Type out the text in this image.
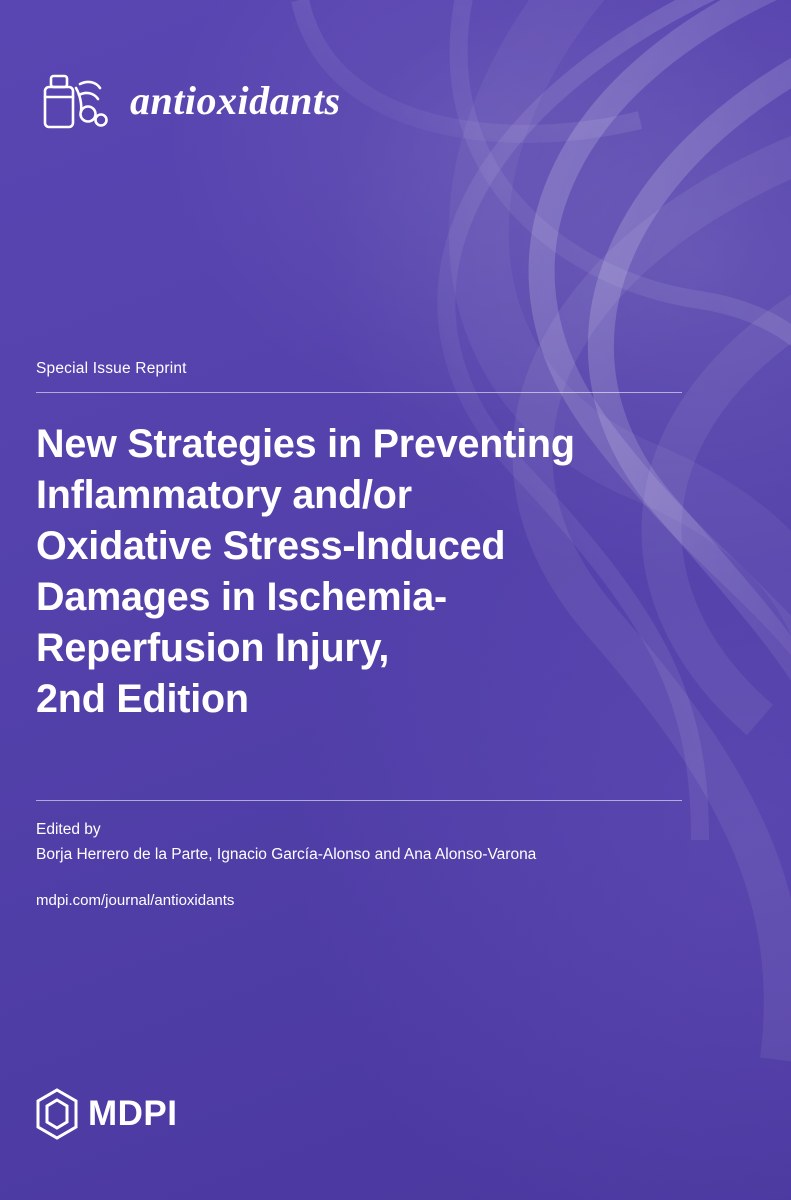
antioxidants
Special Issue Reprint
New Strategies in Preventing
Inflammatory and/or
Oxidative Stress-Induced
Damages in Ischemia-
Reperfusion Injury,
2nd Edition
Edited by
Borja Herrero de la Parte, Ignacio García-Alonso and Ana Alonso-Varona
mdpi.com/journal/antioxidants
MDPI
